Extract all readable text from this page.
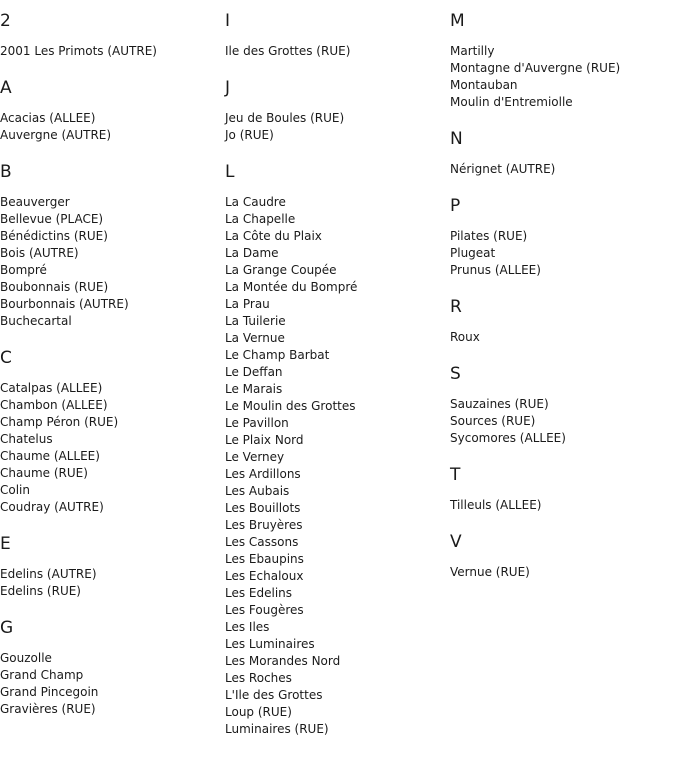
2
2001 Les Primots (AUTRE)
A
Acacias (ALLEE)
Auvergne (AUTRE)
B
Beauverger
Bellevue (PLACE)
Bénédictins (RUE)
Bois (AUTRE)
Bompré
Boubonnais (RUE)
Bourbonnais (AUTRE)
Buchecartal
C
Catalpas (ALLEE)
Chambon (ALLEE)
Champ Péron (RUE)
Chatelus
Chaume (ALLEE)
Chaume (RUE)
Colin
Coudray (AUTRE)
E
Edelins (AUTRE)
Edelins (RUE)
G
Gouzolle
Grand Champ
Grand Pincegoin
Gravières (RUE)
I
Ile des Grottes (RUE)
J
Jeu de Boules (RUE)
Jo (RUE)
L
La Caudre
La Chapelle
La Côte du Plaix
La Dame
La Grange Coupée
La Montée du Bompré
La Prau
La Tuilerie
La Vernue
Le Champ Barbat
Le Deffan
Le Marais
Le Moulin des Grottes
Le Pavillon
Le Plaix Nord
Le Verney
Les Ardillons
Les Aubais
Les Bouillots
Les Bruyères
Les Cassons
Les Ebaupins
Les Echaloux
Les Edelins
Les Fougères
Les Iles
Les Luminaires
Les Morandes Nord
Les Roches
L'Ile des Grottes
Loup (RUE)
Luminaires (RUE)
M
Martilly
Montagne d'Auvergne (RUE)
Montauban
Moulin d'Entremiolle
N
Nérignet (AUTRE)
P
Pilates (RUE)
Plugeat
Prunus (ALLEE)
R
Roux
S
Sauzaines (RUE)
Sources (RUE)
Sycomores (ALLEE)
T
Tilleuls (ALLEE)
V
Vernue (RUE)
